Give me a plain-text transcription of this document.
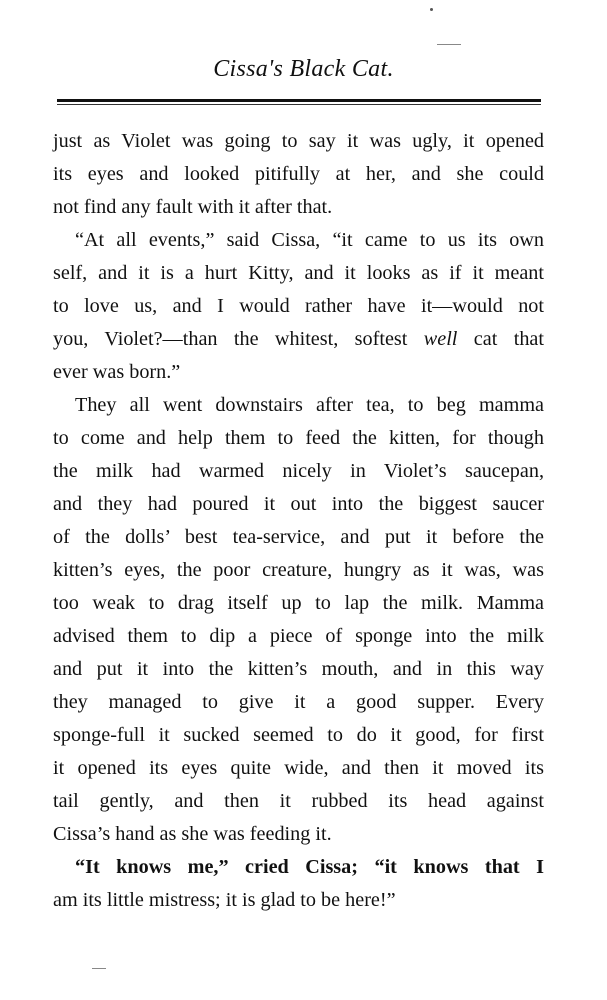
Cissa's Black Cat.
just as Violet was going to say it was ugly, it opened
its eyes and looked pitifully at her, and she could
not find any fault with it after that.
“At all events,” said Cissa, “it came to us its own
self, and it is a hurt Kitty, and it looks as if it meant
to love us, and I would rather have it—would not
you, Violet?—than the whitest, softest well cat that
ever was born.”
They all went downstairs after tea, to beg mamma
to come and help them to feed the kitten, for though
the milk had warmed nicely in Violet’s saucepan,
and they had poured it out into the biggest saucer
of the dolls’ best tea-service, and put it before the
kitten’s eyes, the poor creature, hungry as it was, was
too weak to drag itself up to lap the milk. Mamma
advised them to dip a piece of sponge into the milk
and put it into the kitten’s mouth, and in this way
they managed to give it a good supper. Every
sponge-full it sucked seemed to do it good, for first
it opened its eyes quite wide, and then it moved its
tail gently, and then it rubbed its head against
Cissa’s hand as she was feeding it.
“It knows me,” cried Cissa; “it knows that I
am its little mistress; it is glad to be here!”
